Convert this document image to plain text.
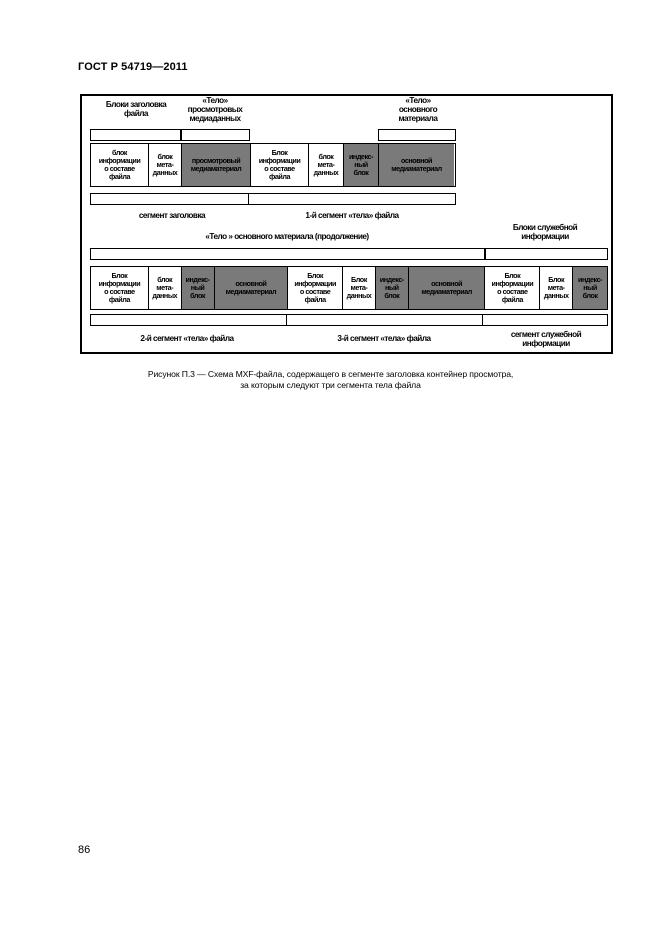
ГОСТ Р 54719—2011
Блоки заголовка
файла
«Тело»
просмотровых
медиаданных
«Тело»
основного
материала
блок
информации
о составе
файла
блок
мета-
данных
просмотровый
медиаматериал
Блок
информации
о составе
файла
блок
мета-
данных
индекс-
ный
блок
основной
медиаматериал
сегмент заголовка	1-й сегмент «тела» файла
«Тело » основного материала (продолжение)
Блоки служебной
информации
Блок
информации
о составе
файла
блок
мета-
данных
индекс-
ный
блок
основной
медиаматериал
Блок
информации
о составе
файла
Блок
мета-
данных
индекс-
ный
блок
основной
медиаматериал
Блок
информации
о составе
файла
Блок
мета-
данных
индекс-
ный
блок
2-й сегмент «тела» файла	3-й сегмент «тела» файла	сегмент служебной
информации
Рисунок П.3 — Схема MXF-файла, содержащего в сегменте заголовка контейнер просмотра,
за которым следуют три сегмента тела файла
86
